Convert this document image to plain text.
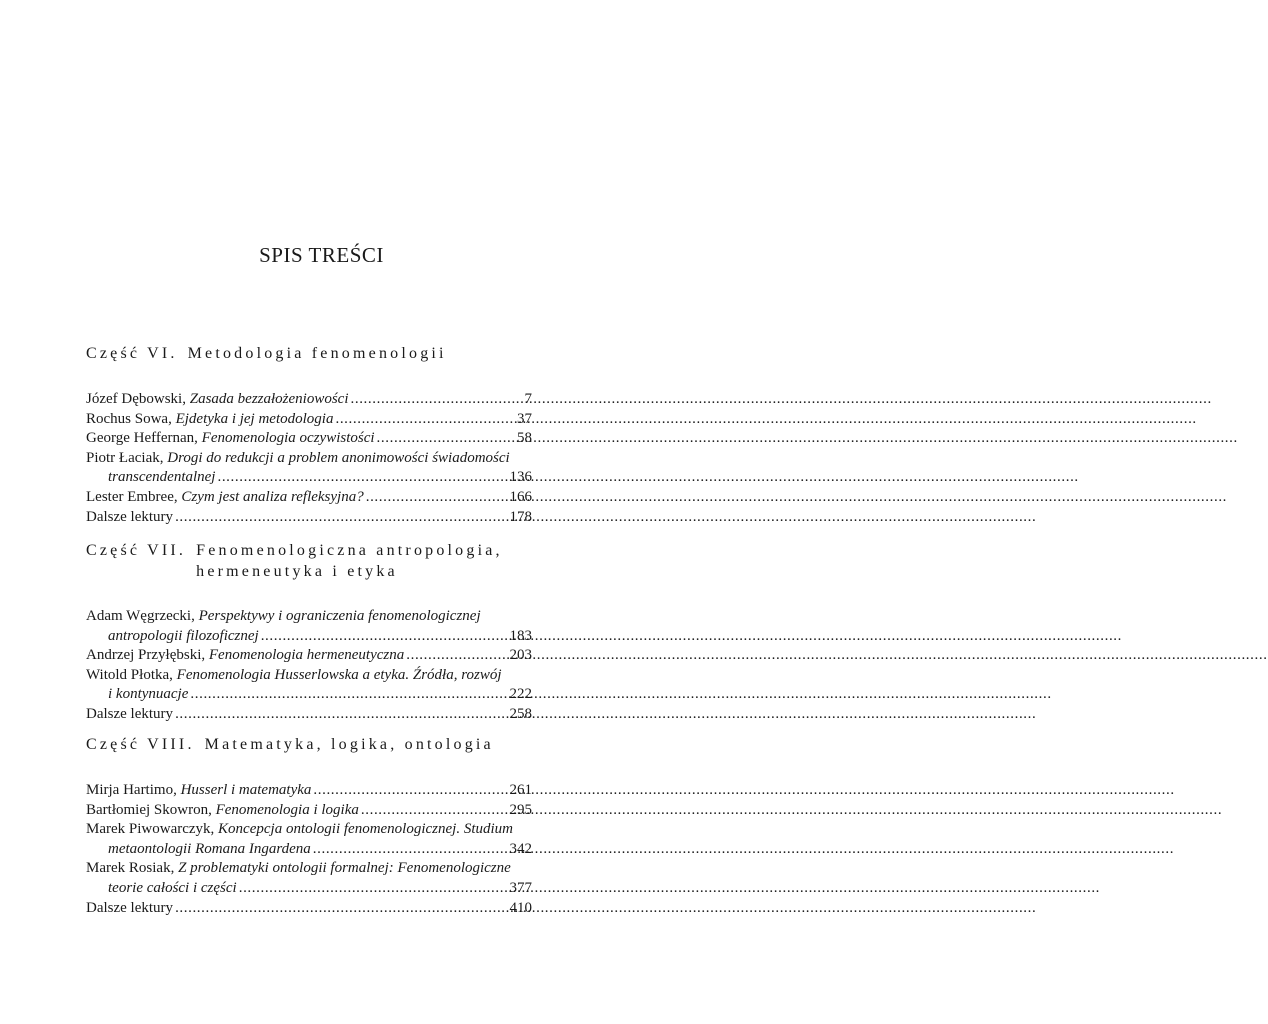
SPIS TREŚCI
Część VI. Metodologia fenomenologii
Józef Dębowski, Zasada bezzałożeniowości .....	7
Rochus Sowa, Ejdetyka i jej metodologia .....	37
George Heffernan, Fenomenologia oczywistości .....	58
Piotr Łaciak, Drogi do redukcji a problem anonimowości świadomości
transcendentalnej .....	136
Lester Embree, Czym jest analiza refleksyjna? .....	166
Dalsze lektury .....	178
Część VII. Fenomenologiczna antropologia, hermeneutyka i etyka
Adam Węgrzecki, Perspektywy i ograniczenia fenomenologicznej
antropologii filozoficznej .....	183
Andrzej Przyłębski, Fenomenologia hermeneutyczna .....	203
Witold Płotka, Fenomenologia Husserlowska a etyka. Źródła, rozwój
i kontynuacje .....	222
Dalsze lektury .....	258
Część VIII. Matematyka, logika, ontologia
Mirja Hartimo, Husserl i matematyka .....	261
Bartłomiej Skowron, Fenomenologia i logika .....	295
Marek Piwowarczyk, Koncepcja ontologii fenomenologicznej. Studium
metaontologii Romana Ingardena .....	342
Marek Rosiak, Z problematyki ontologii formalnej: Fenomenologiczne
teorie całości i części .....	377
Dalsze lektury .....	410
